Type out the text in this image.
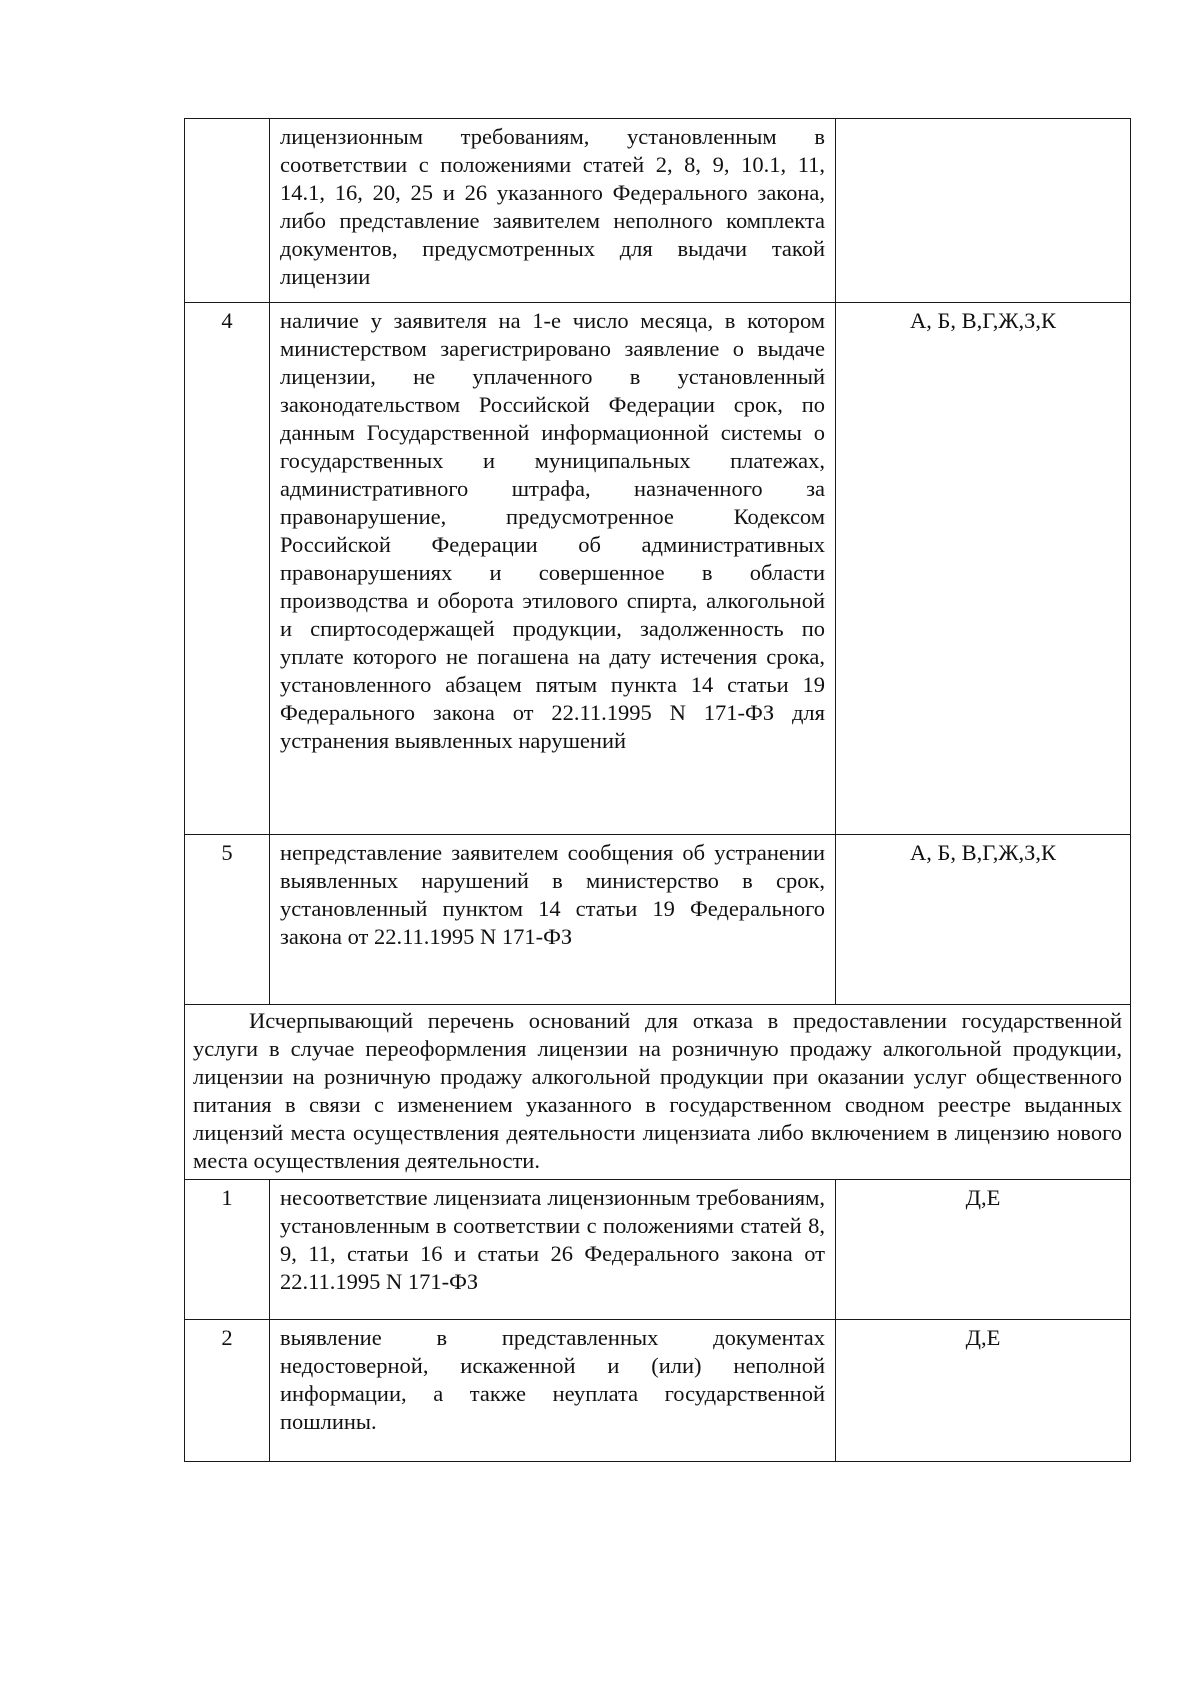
	лицензионным требованиям, установленным в соответствии с положениями статей 2, 8, 9, 10.1, 11, 14.1, 16, 20, 25 и 26 указанного Федерального закона, либо представление заявителем неполного комплекта документов, предусмотренных для выдачи такой лицензии	

4	наличие у заявителя на 1-е число месяца, в котором министерством зарегистрировано заявление о выдаче лицензии, не уплаченного в установленный законодательством Российской Федерации срок, по данным Государственной информационной системы о государственных и муниципальных платежах, административного штрафа, назначенного за правонарушение, предусмотренное Кодексом Российской Федерации об административных правонарушениях и совершенное в области производства и оборота этилового спирта, алкогольной и спиртосодержащей продукции, задолженность по уплате которого не погашена на дату истечения срока, установленного абзацем пятым пункта 14 статьи 19 Федерального закона от 22.11.1995 N 171-ФЗ для устранения выявленных нарушений	А, Б, В,Г,Ж,З,К
5	непредставление заявителем сообщения об устранении выявленных нарушений в министерство в срок, установленный пунктом 14 статьи 19 Федерального закона от 22.11.1995 N 171-ФЗ	А, Б, В,Г,Ж,З,К
Исчерпывающий перечень оснований для отказа в предоставлении государственной услуги в случае переоформления лицензии на розничную продажу алкогольной продукции, лицензии на розничную продажу алкогольной продукции при оказании услуг общественного питания в связи с изменением указанного в государственном сводном реестре выданных лицензий места осуществления деятельности лицензиата либо включением в лицензию нового места осуществления деятельности.		
1	несоответствие лицензиата лицензионным требованиям, установленным в соответствии с положениями статей 8, 9, 11, статьи 16 и статьи 26 Федерального закона от 22.11.1995 N 171-ФЗ	Д,Е
2	выявление в представленных документах недостоверной, искаженной и (или) неполной информации, а также неуплата государственной пошлины.	Д,Е
